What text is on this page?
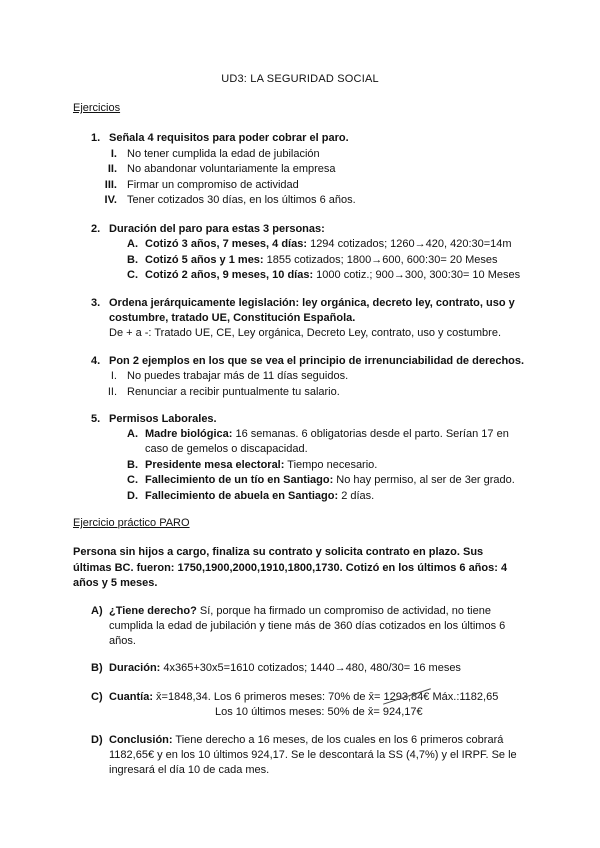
UD3: LA SEGURIDAD SOCIAL
Ejercicios
1. Señala 4 requisitos para poder cobrar el paro.
I. No tener cumplida la edad de jubilación
II. No abandonar voluntariamente la empresa
III. Firmar un compromiso de actividad
IV. Tener cotizados 30 días, en los últimos 6 años.
2. Duración del paro para estas 3 personas:
A. Cotizó 3 años, 7 meses, 4 días: 1294 cotizados; 1260→420, 420:30=14m
B. Cotizó 5 años y 1 mes: 1855 cotizados; 1800→600, 600:30= 20 Meses
C. Cotizó 2 años, 9 meses, 10 días: 1000 cotiz.; 900→300, 300:30= 10 Meses
3. Ordena jerárquicamente legislación: ley orgánica, decreto ley, contrato, uso y
costumbre, tratado UE, Constitución Española.
De + a -: Tratado UE, CE, Ley orgánica, Decreto Ley, contrato, uso y costumbre.
4. Pon 2 ejemplos en los que se vea el principio de irrenunciabilidad de derechos.
I. No puedes trabajar más de 11 días seguidos.
II. Renunciar a recibir puntualmente tu salario.
5. Permisos Laborales.
A. Madre biológica: 16 semanas. 6 obligatorias desde el parto. Serían 17 en
caso de gemelos o discapacidad.
B. Presidente mesa electoral: Tiempo necesario.
C. Fallecimiento de un tío en Santiago: No hay permiso, al ser de 3er grado.
D. Fallecimiento de abuela en Santiago: 2 días.
Ejercicio práctico PARO
Persona sin hijos a cargo, finaliza su contrato y solicita contrato en plazo. Sus
últimas BC. fueron: 1750,1900,2000,1910,1800,1730. Cotizó en los últimos 6 años: 4
años y 5 meses.
A) ¿Tiene derecho? Sí, porque ha firmado un compromiso de actividad, no tiene
cumplida la edad de jubilación y tiene más de 360 días cotizados en los últimos 6
años.
B) Duración: 4x365+30x5=1610 cotizados; 1440→480, 480/30= 16 meses
C) Cuantía: x̄=1848,34. Los 6 primeros meses: 70% de x̄= 1293,84€ Máx.:1182,65
Los 10 últimos meses: 50% de x̄= 924,17€
D) Conclusión: Tiene derecho a 16 meses, de los cuales en los 6 primeros cobrará
1182,65€ y en los 10 últimos 924,17. Se le descontará la SS (4,7%) y el IRPF. Se le
ingresará el día 10 de cada mes.
